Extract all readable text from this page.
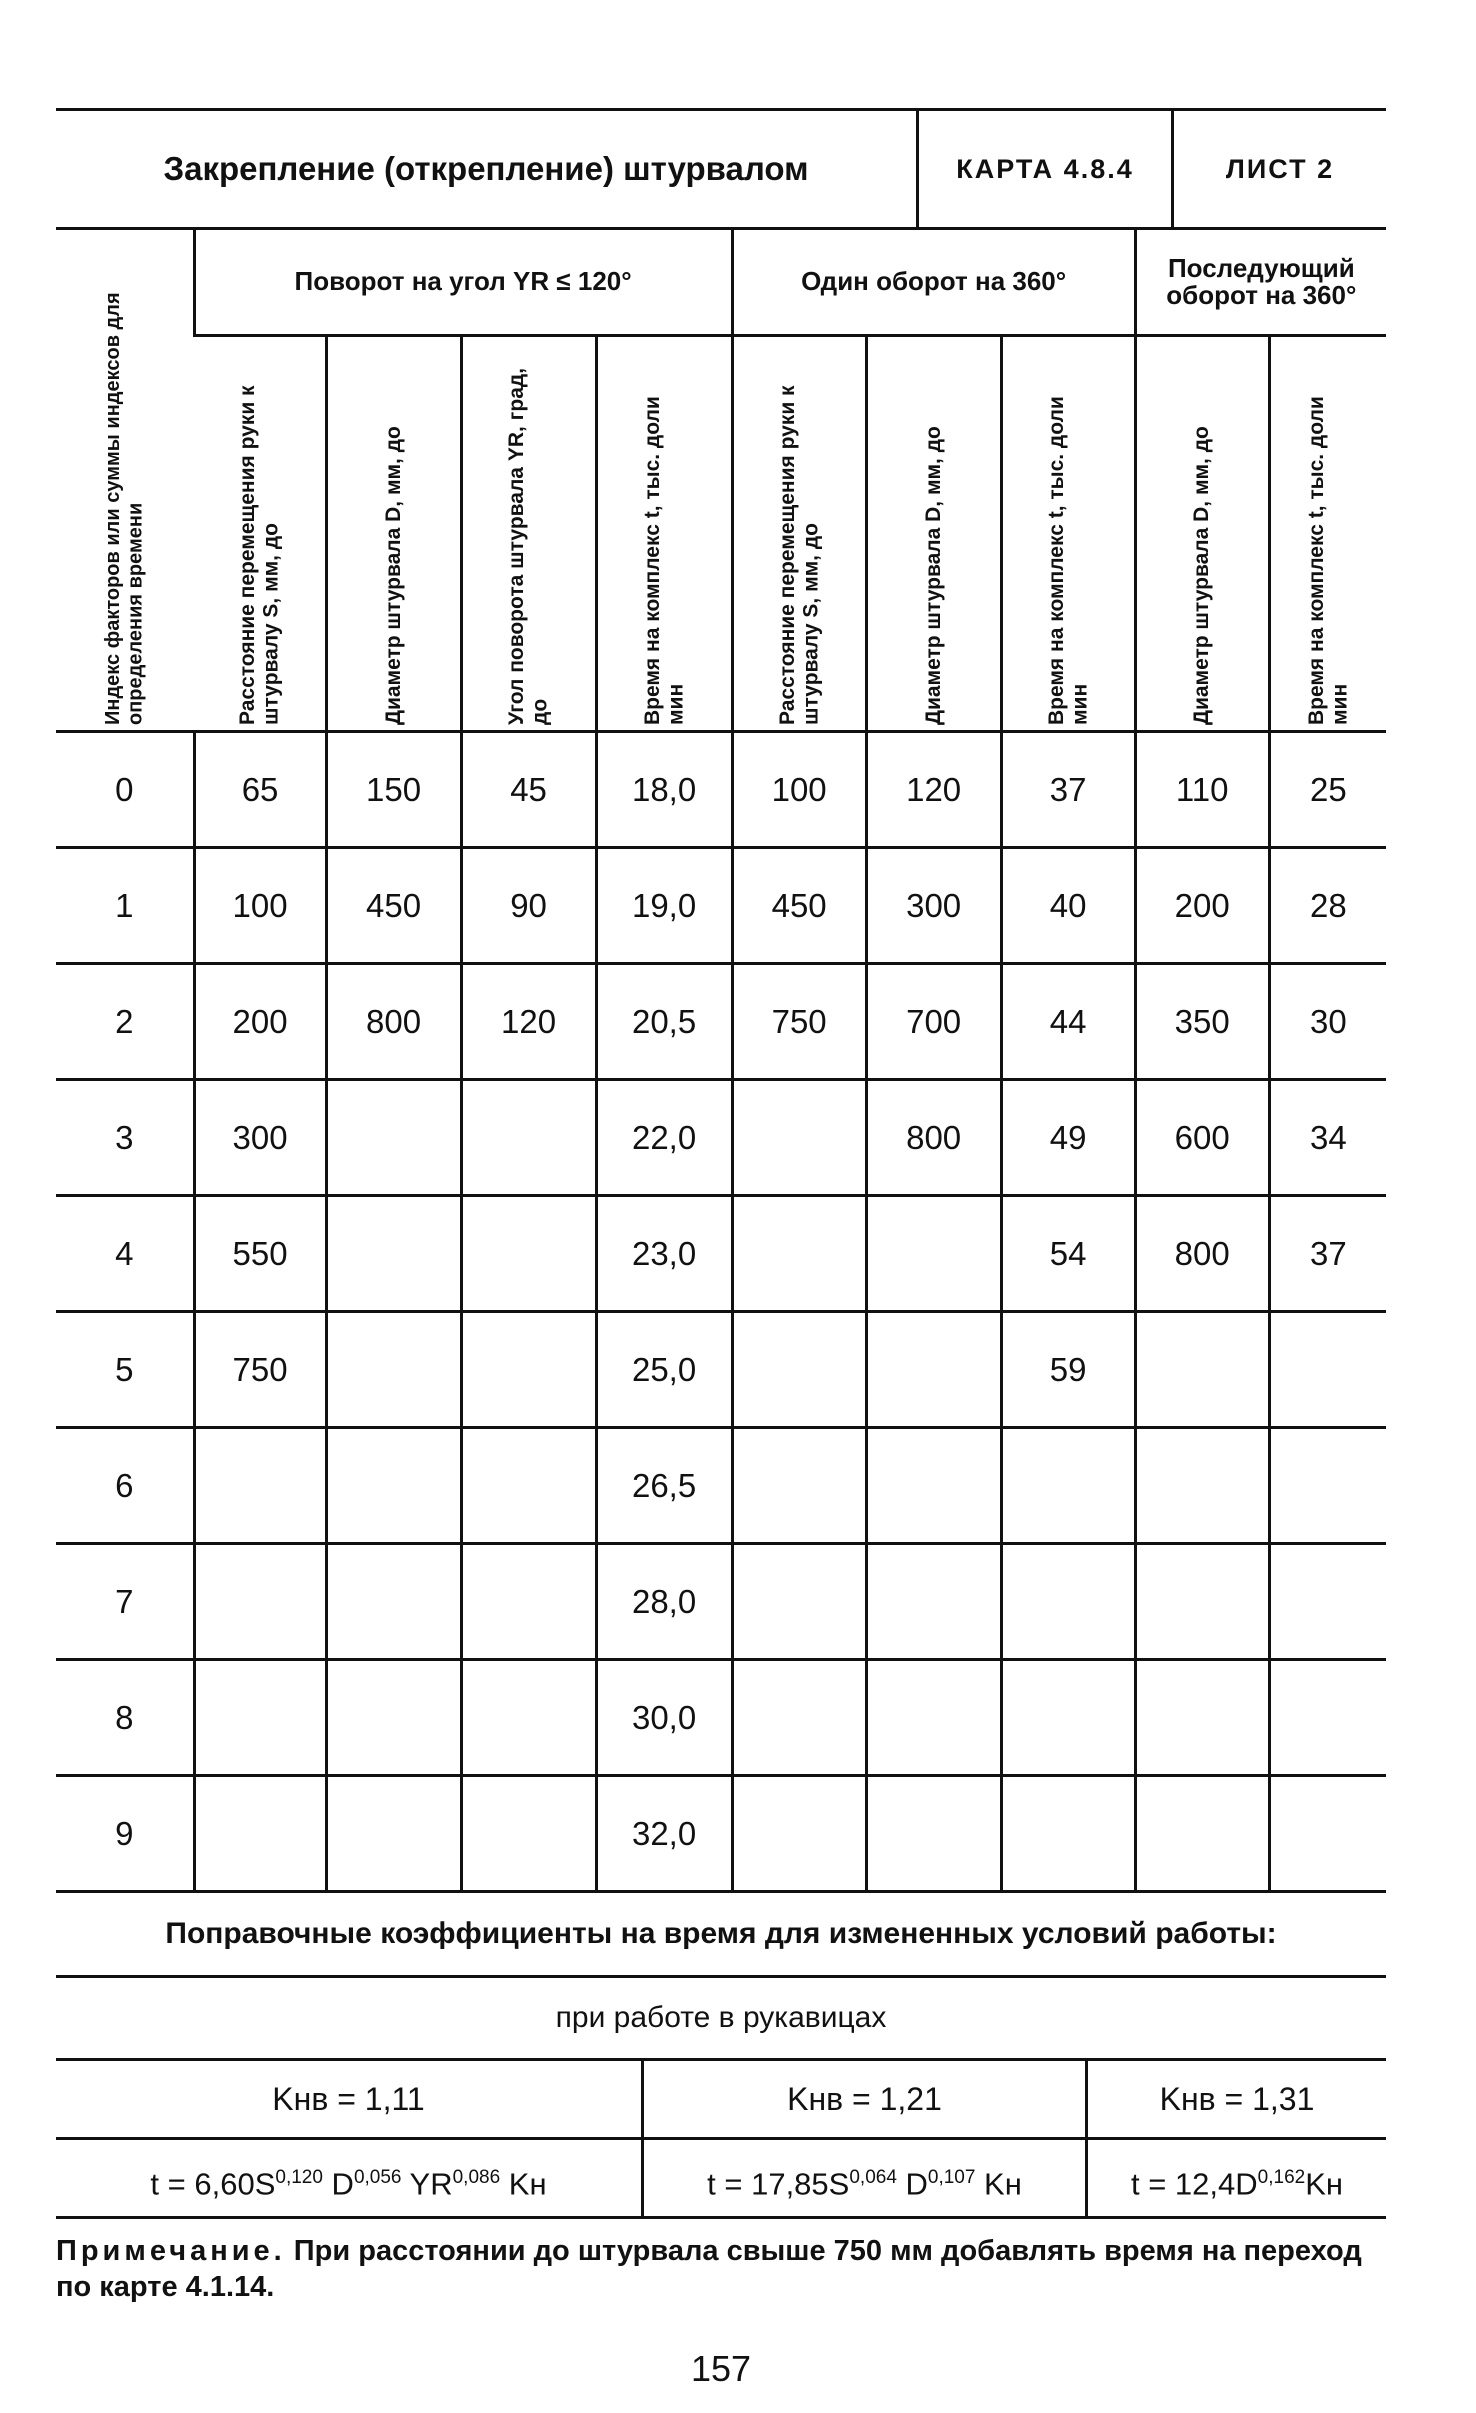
Закрепление (открепление) штурвалом	КАРТА 4.8.4	ЛИСТ 2
Индекс факторов или суммы индексов для определения времени	Поворот на угол YR ≤ 120°				Один оборот на 360°			Последующий оборот на 360°	
	Расстояние перемещения руки к штурвалу S, мм, до	Диаметр штурвала D, мм, до	Угол поворота штурвала YR, град, до	Время на комплекс t, тыс. доли мин	Расстояние перемещения руки к штурвалу S, мм, до	Диаметр штурвала D, мм, до	Время на комплекс t, тыс. доли мин	Диаметр штурвала D, мм, до	Время на комплекс t, тыс. доли мин
0	65	150	45	18,0	100	120	37	110	25
1	100	450	90	19,0	450	300	40	200	28
2	200	800	120	20,5	750	700	44	350	30
3	300			22,0		800	49	600	34
4	550			23,0			54	800	37
5	750			25,0			59		
6				26,5					
7				28,0					
8				30,0					
9				32,0					
Поправочные коэффициенты на время для измененных условий работы:
при работе в рукавицах
Kнв = 1,11	Kнв = 1,21	Kнв = 1,31
$t = 6,60S^{0,120}$ D$^{0,056}$ YR$^{0,086}$ Kн	$t = 17,85S^{0,064}$ D$^{0,107}$ Kн	$t = 12,4D^{0,162}Kн$
Примечание. При расстоянии до штурвала свыше 750 мм добавлять время на переход по карте 4.1.14.
157
